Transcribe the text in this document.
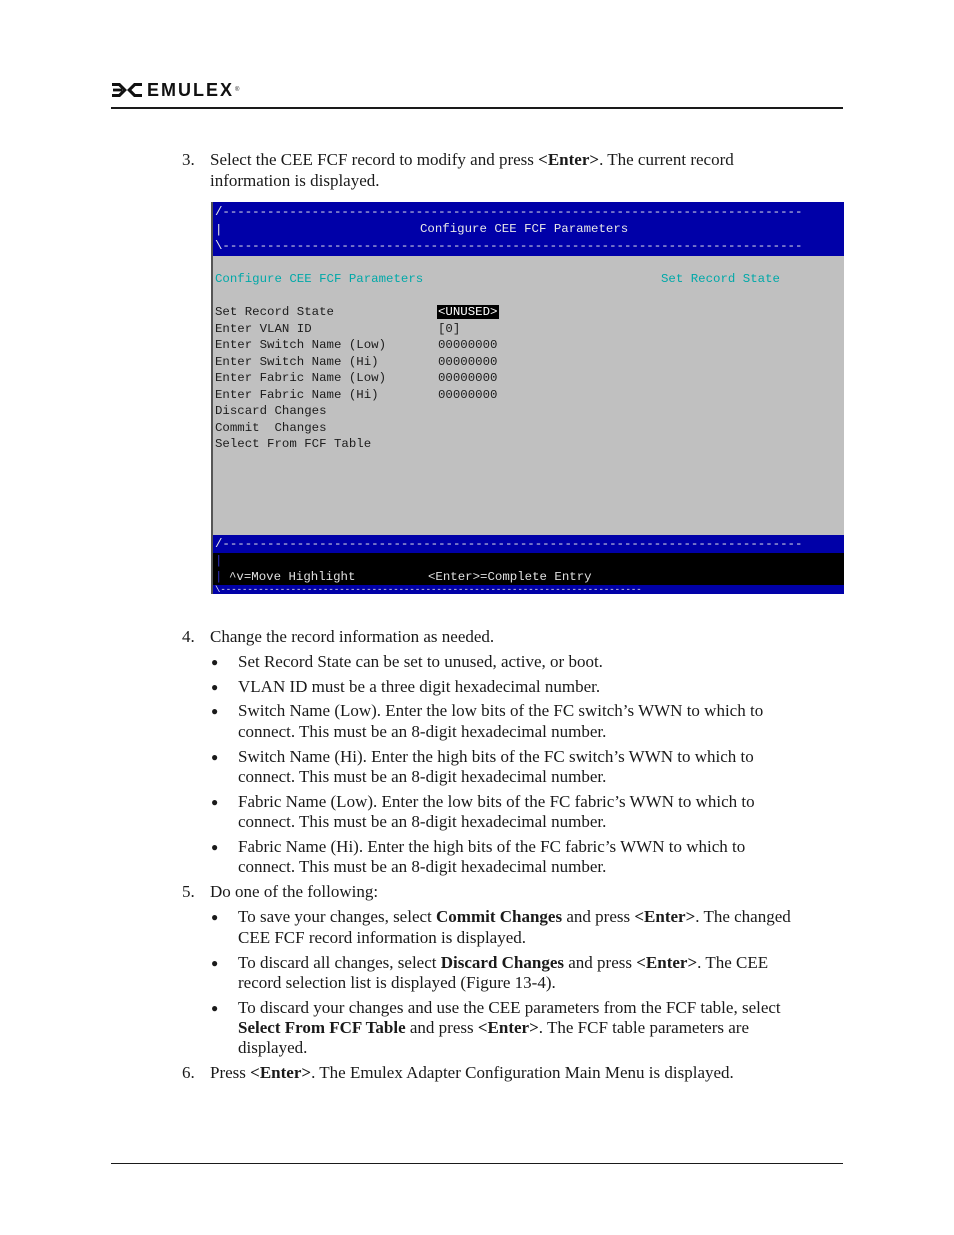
EMULEX ®
3. Select the CEE FCF record to modify and press <Enter>. The current record
information is displayed.
/------------------------------------------------------------------------------
|	Configure CEE FCF Parameters
\------------------------------------------------------------------------------
Configure CEE FCF Parameters	Set Record State
Set Record State	<UNUSED>
Enter VLAN ID	[0]
Enter Switch Name (Low)	00000000
Enter Switch Name (Hi)	00000000
Enter Fabric Name (Low)	00000000
Enter Fabric Name (Hi)	00000000
Discard Changes
Commit  Changes
Select From FCF Table
/------------------------------------------------------------------------------
|
| ^v=Move Highlight	<Enter>=Complete Entry
\------------------------------------------------------------------------------
4. Change the record information as needed.
● Set Record State can be set to unused, active, or boot.
● VLAN ID must be a three digit hexadecimal number.
● Switch Name (Low). Enter the low bits of the FC switch’s WWN to which to
connect. This must be an 8-digit hexadecimal number.
● Switch Name (Hi). Enter the high bits of the FC switch’s WWN to which to
connect. This must be an 8-digit hexadecimal number.
● Fabric Name (Low). Enter the low bits of the FC fabric’s WWN to which to
connect. This must be an 8-digit hexadecimal number.
● Fabric Name (Hi). Enter the high bits of the FC fabric’s WWN to which to
connect. This must be an 8-digit hexadecimal number.
5. Do one of the following:
● To save your changes, select Commit Changes and press <Enter>. The changed
CEE FCF record information is displayed.
● To discard all changes, select Discard Changes and press <Enter>. The CEE
record selection list is displayed (Figure 13-4).
● To discard your changes and use the CEE parameters from the FCF table, select
Select From FCF Table and press <Enter>. The FCF table parameters are
displayed.
6. Press <Enter>. The Emulex Adapter Configuration Main Menu is displayed.
